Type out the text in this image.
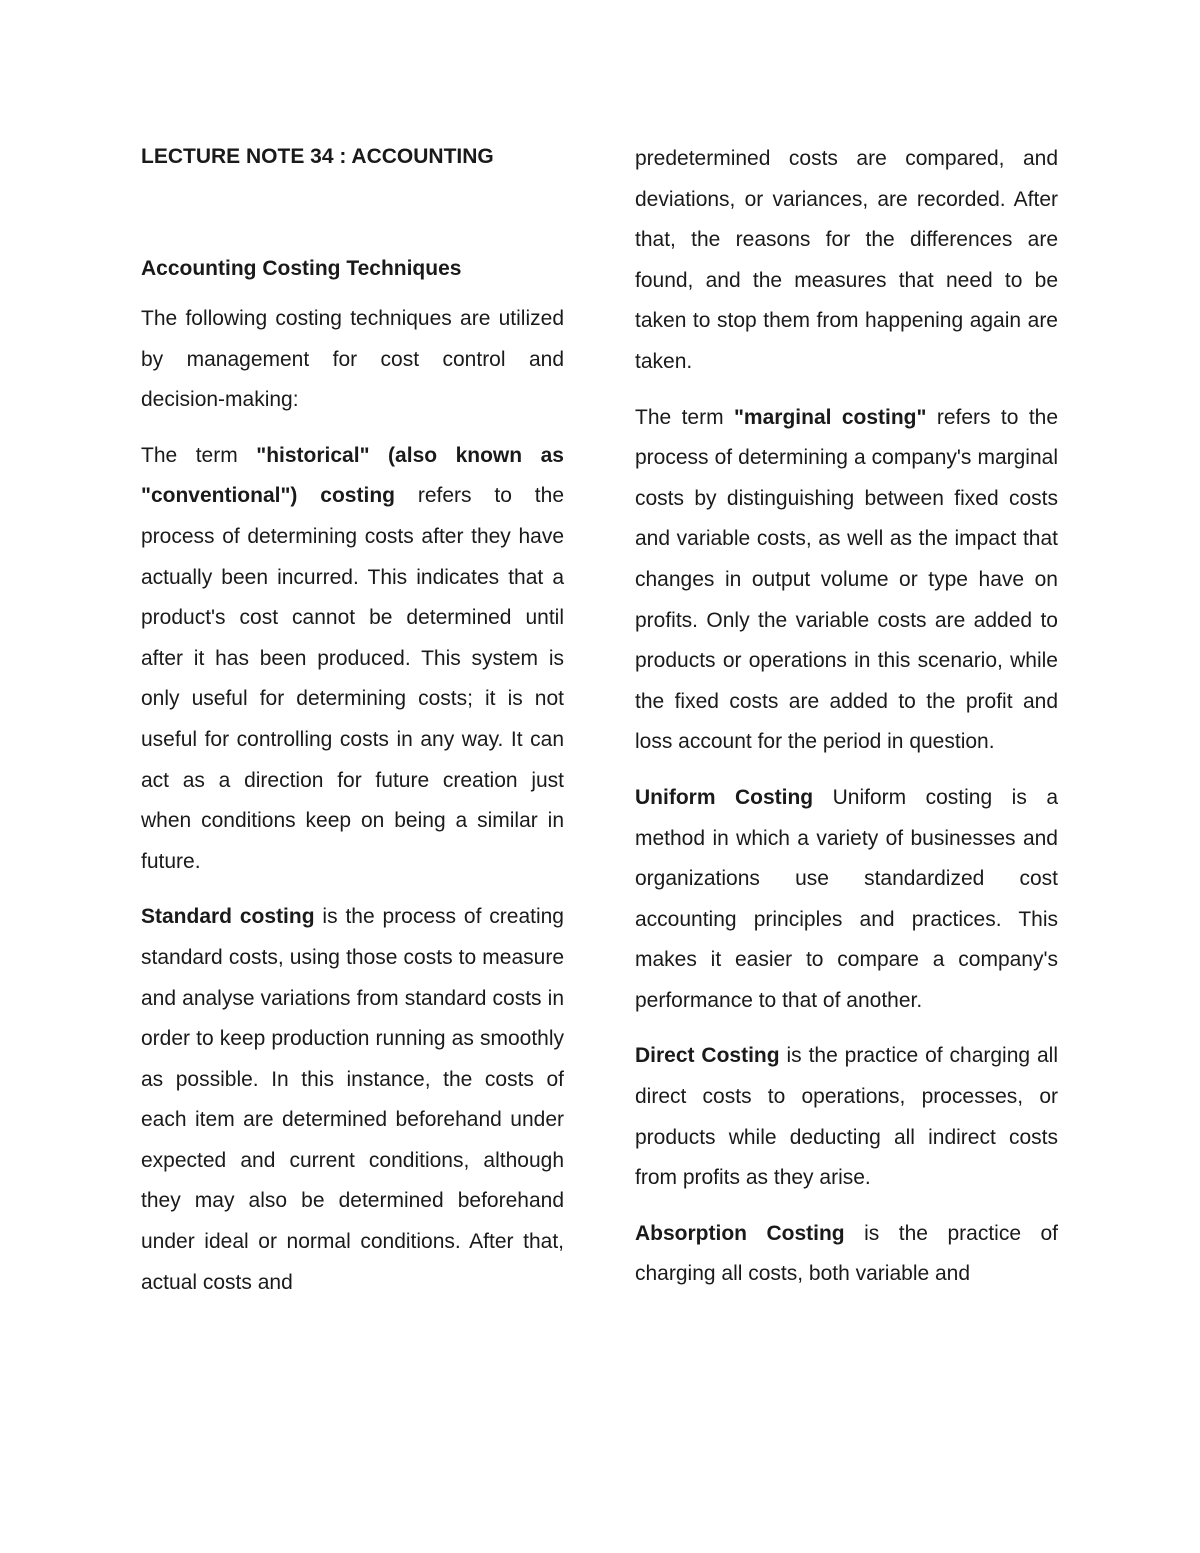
LECTURE NOTE 34 : ACCOUNTING
Accounting Costing Techniques

The following costing techniques are utilized by management for cost control and decision-making:

The term "historical" (also known as "conventional") costing refers to the process of determining costs after they have actually been incurred. This indicates that a product's cost cannot be determined until after it has been produced. This system is only useful for determining costs; it is not useful for controlling costs in any way. It can act as a direction for future creation just when conditions keep on being a similar in future.

Standard costing is the process of creating standard costs, using those costs to measure and analyse variations from standard costs in order to keep production running as smoothly as possible. In this instance, the costs of each item are determined beforehand under expected and current conditions, although they may also be determined beforehand under ideal or normal conditions. After that, actual costs and

predetermined costs are compared, and deviations, or variances, are recorded. After that, the reasons for the differences are found, and the measures that need to be taken to stop them from happening again are taken.

The term "marginal costing" refers to the process of determining a company's marginal costs by distinguishing between fixed costs and variable costs, as well as the impact that changes in output volume or type have on profits. Only the variable costs are added to products or operations in this scenario, while the fixed costs are added to the profit and loss account for the period in question.

Uniform Costing Uniform costing is a method in which a variety of businesses and organizations use standardized cost accounting principles and practices. This makes it easier to compare a company's performance to that of another.

Direct Costing is the practice of charging all direct costs to operations, processes, or products while deducting all indirect costs from profits as they arise.

Absorption Costing is the practice of charging all costs, both variable and
